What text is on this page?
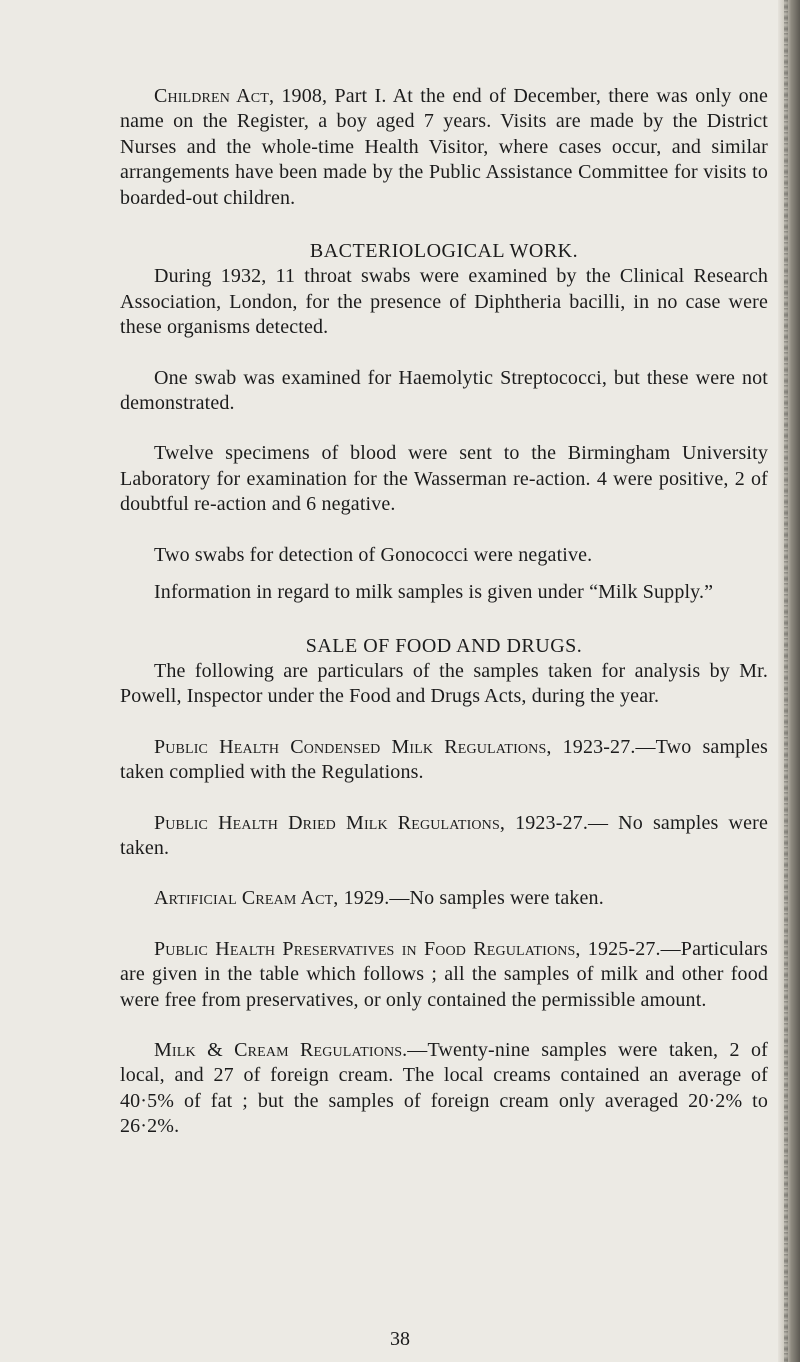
Children Act, 1908, Part I. At the end of December, there was only one name on the Register, a boy aged 7 years. Visits are made by the District Nurses and the whole-time Health Visitor, where cases occur, and similar arrangements have been made by the Public Assistance Committee for visits to boarded-out children.

BACTERIOLOGICAL WORK.

During 1932, 11 throat swabs were examined by the Clinical Research Association, London, for the presence of Diphtheria bacilli, in no case were these organisms detected.

One swab was examined for Haemolytic Streptococci, but these were not demonstrated.

Twelve specimens of blood were sent to the Birmingham University Laboratory for examination for the Wasserman re-action. 4 were positive, 2 of doubtful re-action and 6 negative.

Two swabs for detection of Gonococci were negative.

Information in regard to milk samples is given under “Milk Supply.”

SALE OF FOOD AND DRUGS.

The following are particulars of the samples taken for analysis by Mr. Powell, Inspector under the Food and Drugs Acts, during the year.

Public Health Condensed Milk Regulations, 1923-27.—Two samples taken complied with the Regulations.

Public Health Dried Milk Regulations, 1923-27.— No samples were taken.

Artificial Cream Act, 1929.—No samples were taken.

Public Health Preservatives in Food Regulations, 1925-27.—Particulars are given in the table which follows ; all the samples of milk and other food were free from preservatives, or only contained the permissible amount.

Milk & Cream Regulations.—Twenty-nine samples were taken, 2 of local, and 27 of foreign cream. The local creams contained an average of 40·5% of fat ; but the samples of foreign cream only averaged 20·2% to 26·2%.

38
